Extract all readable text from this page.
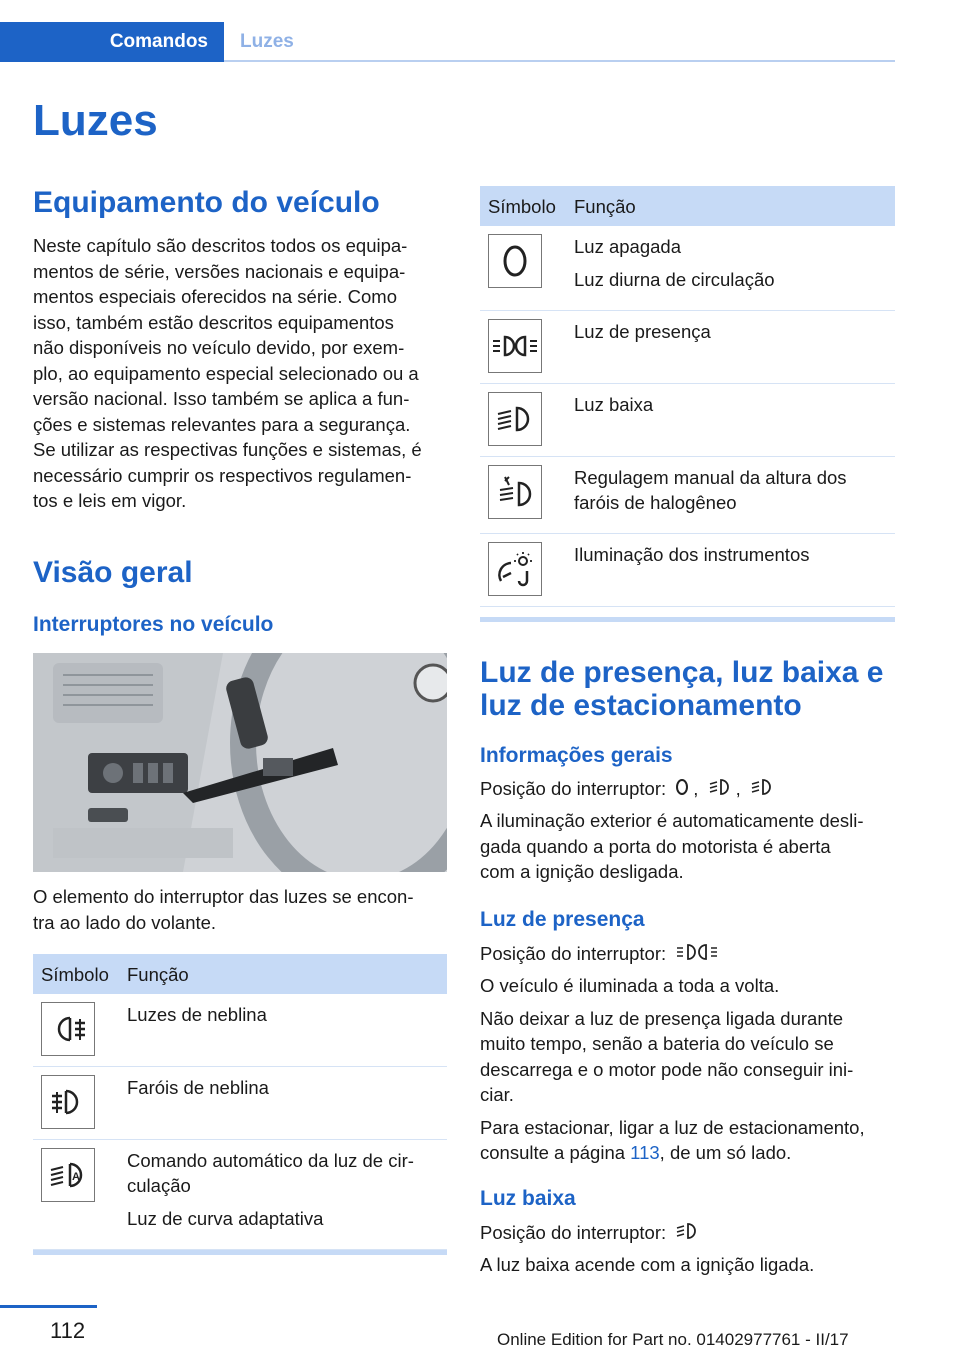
Comandos	Luzes
Luzes
Equipamento do veículo

Neste capítulo são descritos todos os equipa-

mentos de série, versões nacionais e equipa-

mentos especiais oferecidos na série. Como

isso, também estão descritos equipamentos

não disponíveis no veículo devido, por exem-

plo, ao equipamento especial selecionado ou a

versão nacional. Isso também se aplica a fun-

ções e sistemas relevantes para a segurança.

Se utilizar as respectivas funções e sistemas, é

necessário cumprir os respectivos regulamen-

tos e leis em vigor.

Visão geral
Interruptores no veículo

O elemento do interruptor das luzes se encon-

tra ao lado do volante.

Símbolo	Função

Luzes de neblina

Faróis de neblina

A	Comando automático da luz de cir-
culação
Luz de curva adaptativa
Símbolo	Função

Luz apagada
Luz diurna de circulação

Luz de presença

Luz baixa

Regulagem manual da altura dos
faróis de halogêneo

Iluminação dos instrumentos
Luz de presença, luz baixa e
luz de estacionamento
Informações gerais
Posição do interruptor: , ,

A iluminação exterior é automaticamente desli-

gada quando a porta do motorista é aberta

com a ignição desligada.

Luz de presença
Posição do interruptor:

O veículo é iluminada a toda a volta.

Não deixar a luz de presença ligada durante

muito tempo, senão a bateria do veículo se

descarrega e o motor pode não conseguir ini-

ciar.

Para estacionar, ligar a luz de estacionamento,

consulte a página 113, de um só lado.

Luz baixa
Posição do interruptor:
A luz baixa acende com a ignição ligada.
112	Online Edition for Part no. 01402977761 - II/17
